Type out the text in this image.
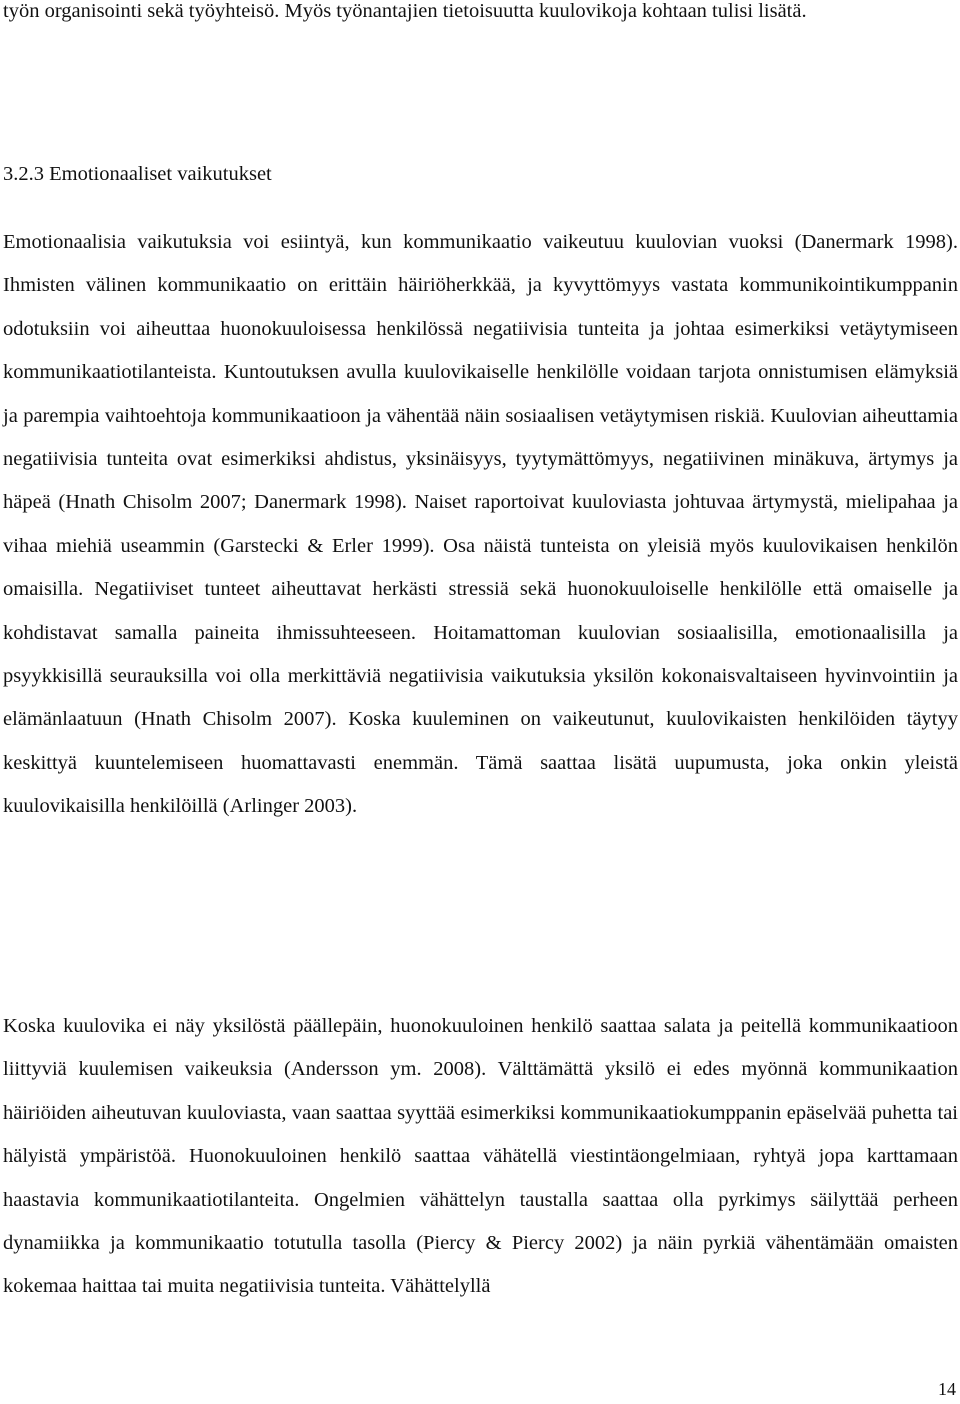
työn organisointi sekä työyhteisö. Myös työnantajien tietoisuutta kuulovikoja kohtaan tulisi lisätä.
3.2.3 Emotionaaliset vaikutukset
Emotionaalisia vaikutuksia voi esiintyä, kun kommunikaatio vaikeutuu kuulovian vuoksi (Danermark 1998). Ihmisten välinen kommunikaatio on erittäin häiriöherkkää, ja kyvyttömyys vastata kommunikointikumppanin odotuksiin voi aiheuttaa huonokuuloisessa henkilössä negatiivisia tunteita ja johtaa esimerkiksi vetäytymiseen kommunikaatiotilanteista. Kuntoutuksen avulla kuulovikaiselle henkilölle voidaan tarjota onnistumisen elämyksiä ja parempia vaihtoehtoja kommunikaatioon ja vähentää näin sosiaalisen vetäytymisen riskiä. Kuulovian aiheuttamia negatiivisia tunteita ovat esimerkiksi ahdistus, yksinäisyys, tyytymättömyys, negatiivinen minäkuva, ärtymys ja häpeä (Hnath Chisolm 2007; Danermark 1998). Naiset raportoivat kuuloviasta johtuvaa ärtymystä, mielipahaa ja vihaa miehiä useammin (Garstecki & Erler 1999). Osa näistä tunteista on yleisiä myös kuulovikaisen henkilön omaisilla. Negatiiviset tunteet aiheuttavat herkästi stressiä sekä huonokuuloiselle henkilölle että omaiselle ja kohdistavat samalla paineita ihmissuhteeseen. Hoitamattoman kuulovian sosiaalisilla, emotionaalisilla ja psyykkisillä seurauksilla voi olla merkittäviä negatiivisia vaikutuksia yksilön kokonaisvaltaiseen hyvinvointiin ja elämänlaatuun (Hnath Chisolm 2007). Koska kuuleminen on vaikeutunut, kuulovikaisten henkilöiden täytyy keskittyä kuuntelemiseen huomattavasti enemmän. Tämä saattaa lisätä uupumusta, joka onkin yleistä kuulovikaisilla henkilöillä (Arlinger 2003).
Koska kuulovika ei näy yksilöstä päällepäin, huonokuuloinen henkilö saattaa salata ja peitellä kommunikaatioon liittyviä kuulemisen vaikeuksia (Andersson ym. 2008). Välttämättä yksilö ei edes myönnä kommunikaation häiriöiden aiheutuvan kuuloviasta, vaan saattaa syyttää esimerkiksi kommunikaatiokumppanin epäselvää puhetta tai hälyistä ympäristöä. Huonokuuloinen henkilö saattaa vähätellä viestintäongelmiaan, ryhtyä jopa karttamaan haastavia kommunikaatiotilanteita. Ongelmien vähättelyn taustalla saattaa olla pyrkimys säilyttää perheen dynamiikka ja kommunikaatio totutulla tasolla (Piercy & Piercy 2002) ja näin pyrkiä vähentämään omaisten kokemaa haittaa tai muita negatiivisia tunteita. Vähättelyllä
14
